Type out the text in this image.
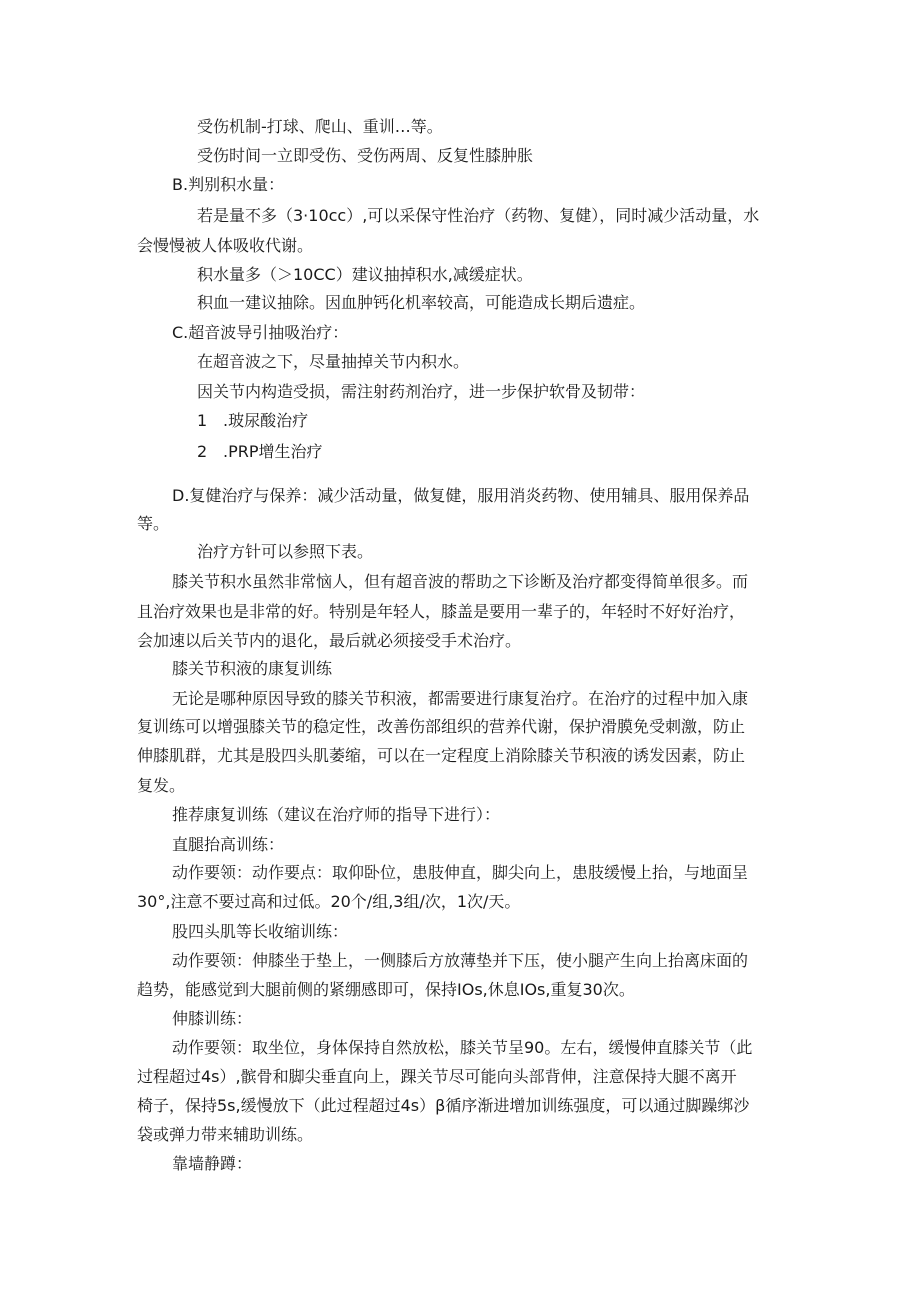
受伤机制-打球、爬山、重训…等。
受伤时间一立即受伤、受伤两周、反复性膝肿胀
B.判别积水量：
若是量不多（3·10cc）,可以采保守性治疗（药物、复健），同时减少活动量，水
会慢慢被人体吸收代谢。
积水量多（＞10CC）建议抽掉积水,减缓症状。
积血一建议抽除。因血肿钙化机率较高，可能造成长期后遗症。
C.超音波导引抽吸治疗：
在超音波之下，尽量抽掉关节内积水。
因关节内构造受损，需注射药剂治疗，进一步保护软骨及韧带：
1 .玻尿酸治疗
2 .PRP增生治疗
D.复健治疗与保养：减少活动量，做复健，服用消炎药物、使用辅具、服用保养品
等。
治疗方针可以参照下表。
膝关节积水虽然非常恼人，但有超音波的帮助之下诊断及治疗都变得简单很多。而
且治疗效果也是非常的好。特别是年轻人，膝盖是要用一辈子的，年轻时不好好治疗，
会加速以后关节内的退化，最后就必须接受手术治疗。
膝关节积液的康复训练
无论是哪种原因导致的膝关节积液，都需要进行康复治疗。在治疗的过程中加入康
复训练可以增强膝关节的稳定性，改善伤部组织的营养代谢，保护滑膜免受刺激，防止
伸膝肌群，尤其是股四头肌萎缩，可以在一定程度上消除膝关节积液的诱发因素，防止
复发。
推荐康复训练（建议在治疗师的指导下进行）：
直腿抬高训练：
动作要领：动作要点：取仰卧位，患肢伸直，脚尖向上，患肢缓慢上抬，与地面呈
30°,注意不要过高和过低。20个/组,3组/次，1次/天。
股四头肌等长收缩训练：
动作要领：伸膝坐于垫上，一侧膝后方放薄垫并下压，使小腿产生向上抬离床面的
趋势，能感觉到大腿前侧的紧绷感即可，保持IOs,休息IOs,重复30次。
伸膝训练：
动作要领：取坐位，身体保持自然放松，膝关节呈90。左右，缓慢伸直膝关节（此
过程超过4s）,髌骨和脚尖垂直向上，踝关节尽可能向头部背伸，注意保持大腿不离开
椅子，保持5s,缓慢放下（此过程超过4s）β循序渐进增加训练强度，可以通过脚躁绑沙
袋或弹力带来辅助训练。
靠墙静蹲：
